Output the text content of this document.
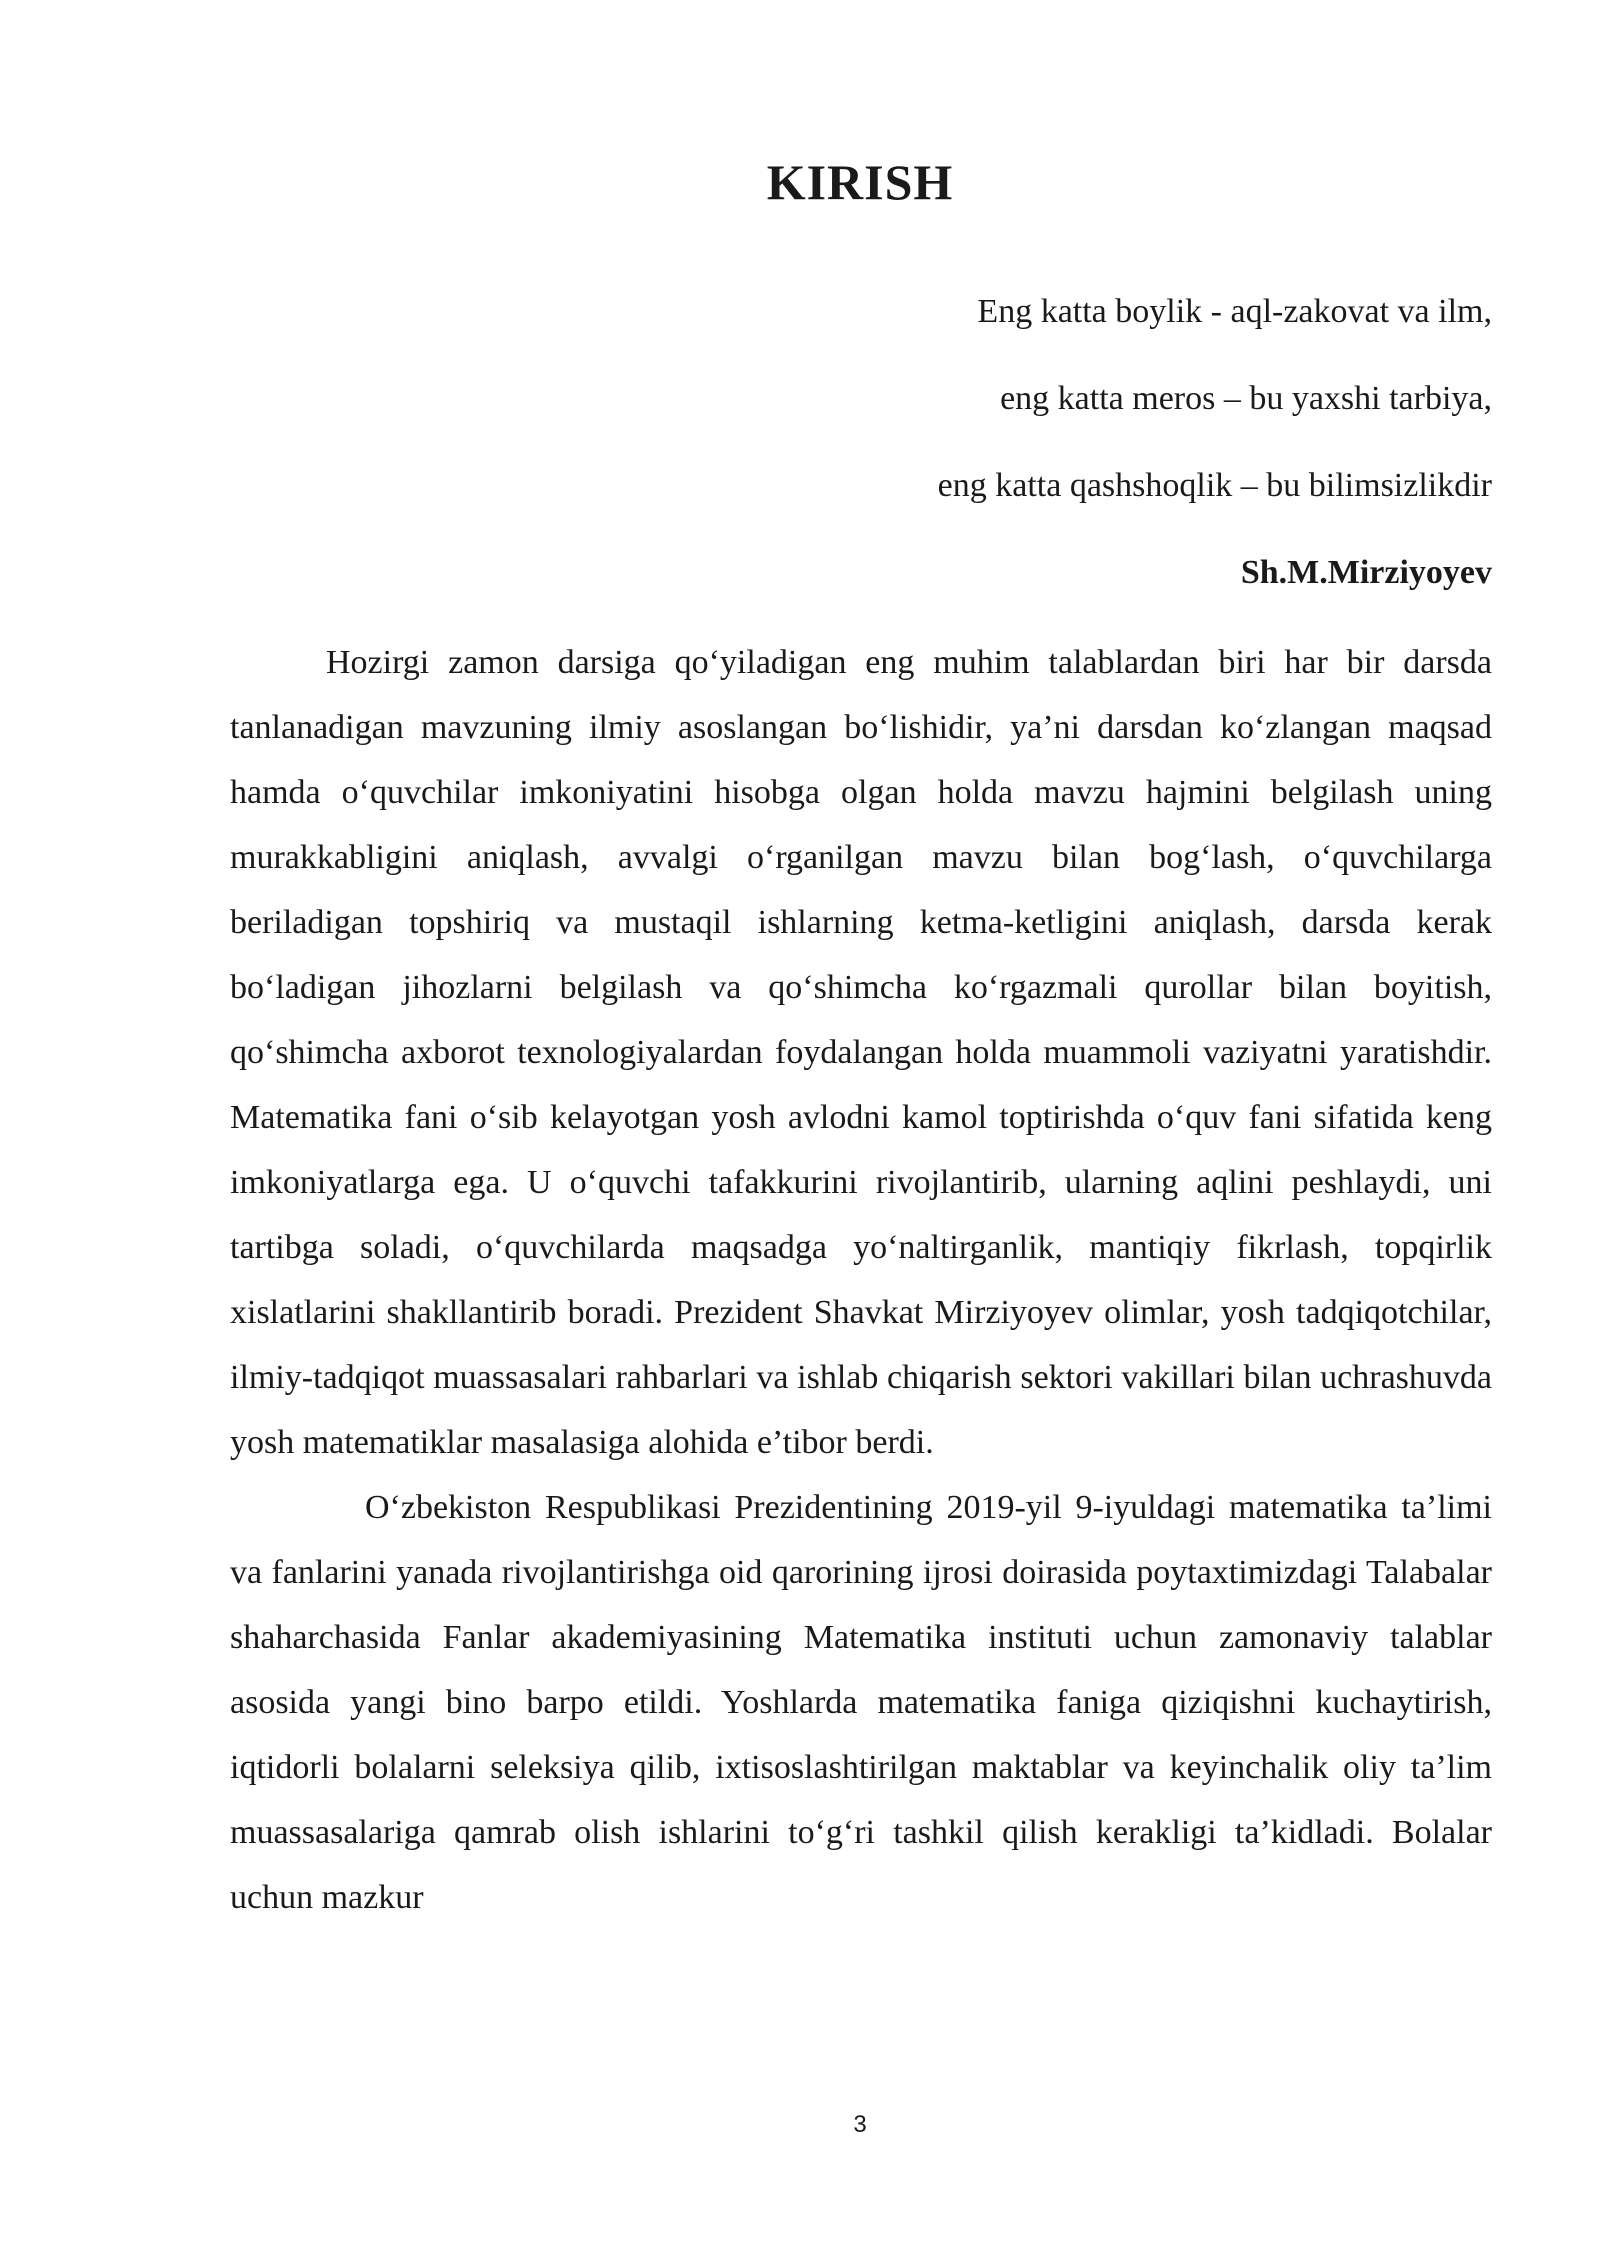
KIRISH
Eng katta boylik - aql-zakovat va ilm,
eng katta meros – bu yaxshi tarbiya,
eng katta qashshoqlik – bu bilimsizlikdir
Sh.M.Mirziyoyev

Hozirgi zamon darsiga qo‘yiladigan eng muhim talablardan biri har bir darsda tanlanadigan mavzuning ilmiy asoslangan bo‘lishidir, ya’ni darsdan ko‘zlangan maqsad hamda o‘quvchilar imkoniyatini hisobga olgan holda mavzu hajmini belgilash uning murakkabligini aniqlash, avvalgi o‘rganilgan mavzu bilan bog‘lash, o‘quvchilarga beriladigan topshiriq va mustaqil ishlarning ketma-ketligini aniqlash, darsda kerak bo‘ladigan jihozlarni belgilash va qo‘shimcha ko‘rgazmali qurollar bilan boyitish, qo‘shimcha axborot texnologiyalardan foydalangan holda muammoli vaziyatni yaratishdir. Matematika fani o‘sib kelayotgan yosh avlodni kamol toptirishda o‘quv fani sifatida keng imkoniyatlarga ega. U o‘quvchi tafakkurini rivojlantirib, ularning aqlini peshlaydi, uni tartibga soladi, o‘quvchilarda maqsadga yo‘naltirganlik, mantiqiy fikrlash, topqirlik xislatlarini shakllantirib boradi. Prezident Shavkat Mirziyoyev olimlar, yosh tadqiqotchilar, ilmiy-tadqiqot muassasalari rahbarlari va ishlab chiqarish sektori vakillari bilan uchrashuvda yosh matematiklar masalasiga alohida e’tibor berdi.

O‘zbekiston Respublikasi Prezidentining 2019-yil 9-iyuldagi matematika ta’limi va fanlarini yanada rivojlantirishga oid qarorining ijrosi doirasida poytaxtimizdagi Talabalar shaharchasida Fanlar akademiyasining Matematika instituti uchun zamonaviy talablar asosida yangi bino barpo etildi. Yoshlarda matematika faniga qiziqishni kuchaytirish, iqtidorli bolalarni seleksiya qilib, ixtisoslashtirilgan maktablar va keyinchalik oliy ta’lim muassasalariga qamrab olish ishlarini to‘g‘ri tashkil qilish kerakligi ta’kidladi. Bolalar uchun mazkur

3
